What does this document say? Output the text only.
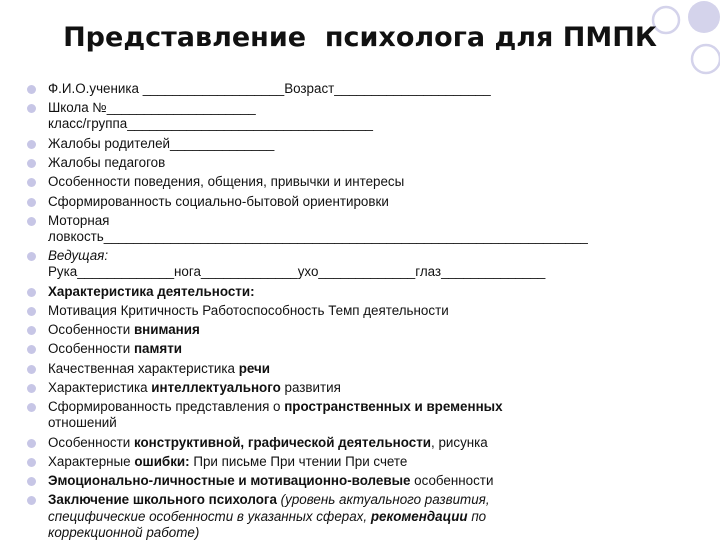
Представление  психолога для ПМПК
Ф.И.О.ученика ___________________Возраст_____________________
Школа №____________________
класс/группа_________________________________
Жалобы родителей______________
Жалобы педагогов
Особенности поведения, общения, привычки и интересы
Сформированность социально-бытовой ориентировки
Моторная
ловкость_________________________________________________________________
Ведущая:
Рука_____________нога_____________ухо_____________глаз______________
Характеристика деятельности:
Мотивация Критичность Работоспособность Темп деятельности
Особенности внимания
Особенности памяти
Качественная характеристика речи
Характеристика интеллектуального развития
Сформированность представления о пространственных и временных
отношений
Особенности конструктивной, графической деятельности, рисунка
Характерные ошибки: При письме При чтении При счете
Эмоционально-личностные и мотивационно-волевые особенности
Заключение школьного психолога (уровень актуального развития,
специфические особенности в указанных сферах, рекомендации по
коррекционной работе)
